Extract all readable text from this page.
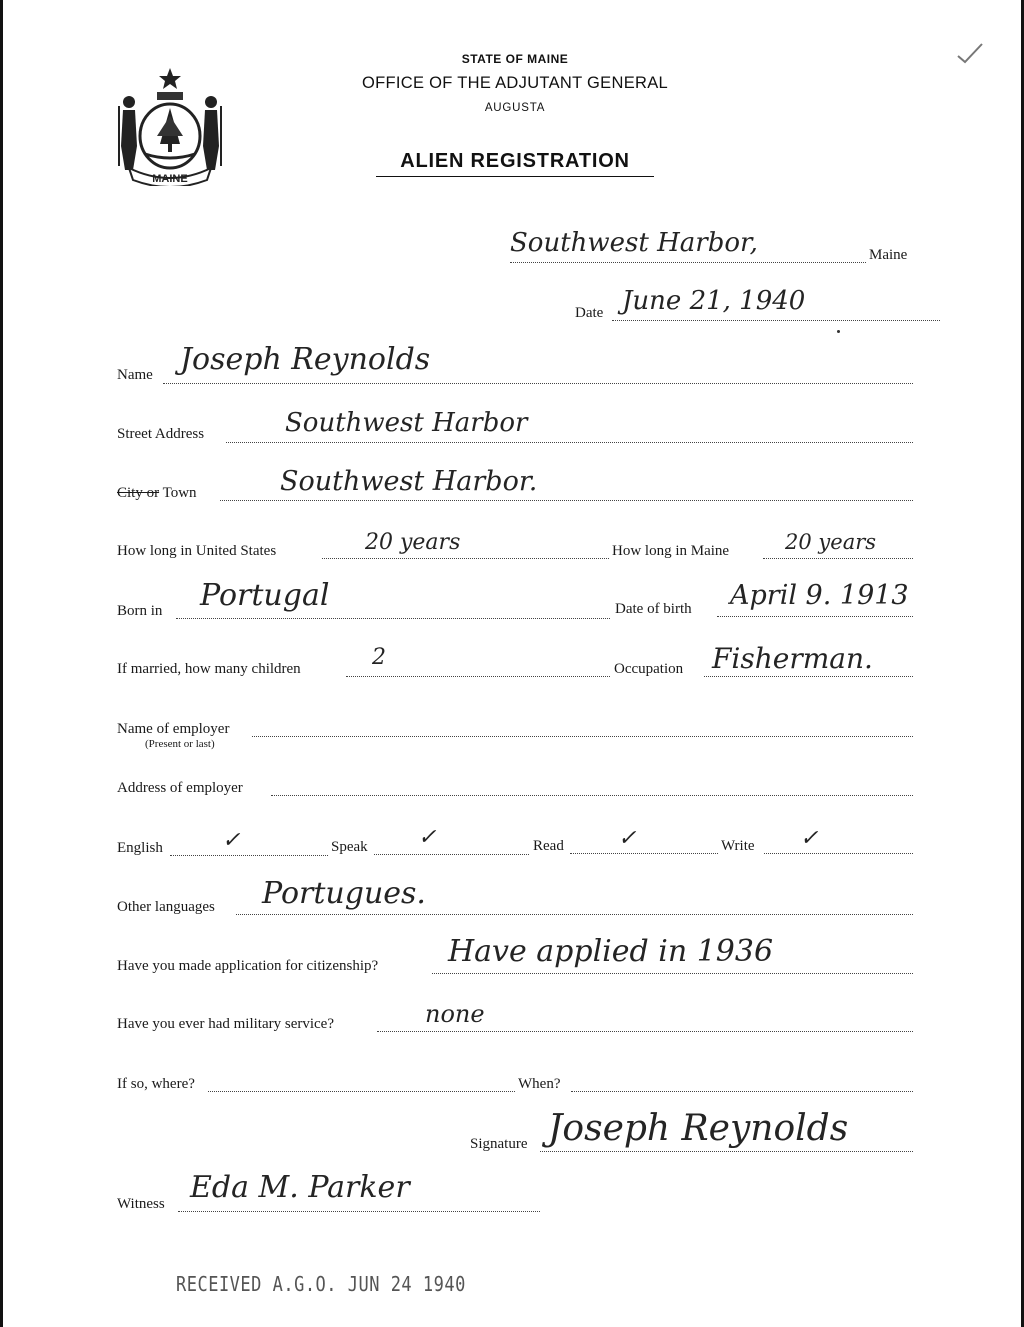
MAINE
STATE OF MAINE
OFFICE OF THE ADJUTANT GENERAL
AUGUSTA
ALIEN REGISTRATION
Southwest Harbor,	Maine
Date June 21, 1940
Name Joseph Reynolds
Street Address	Southwest Harbor
City or Town	Southwest Harbor.
How long in United States	20 years	How long in Maine	20 years
Born in Portugal	Date of birth April 9. 1913
If married, how many children	2	Occupation Fisherman.
Name of employer
(Present or last)
Address of employer
English	✓	Speak ✓	Read ✓	Write ✓
Other languages Portugues.
Have you made application for citizenship? Have applied in 1936
Have you ever had military service?	none
If so, where?	When?
Signature Joseph Reynolds
Witness Eda M. Parker
RECEIVED A.G.O. JUN 24 1940
